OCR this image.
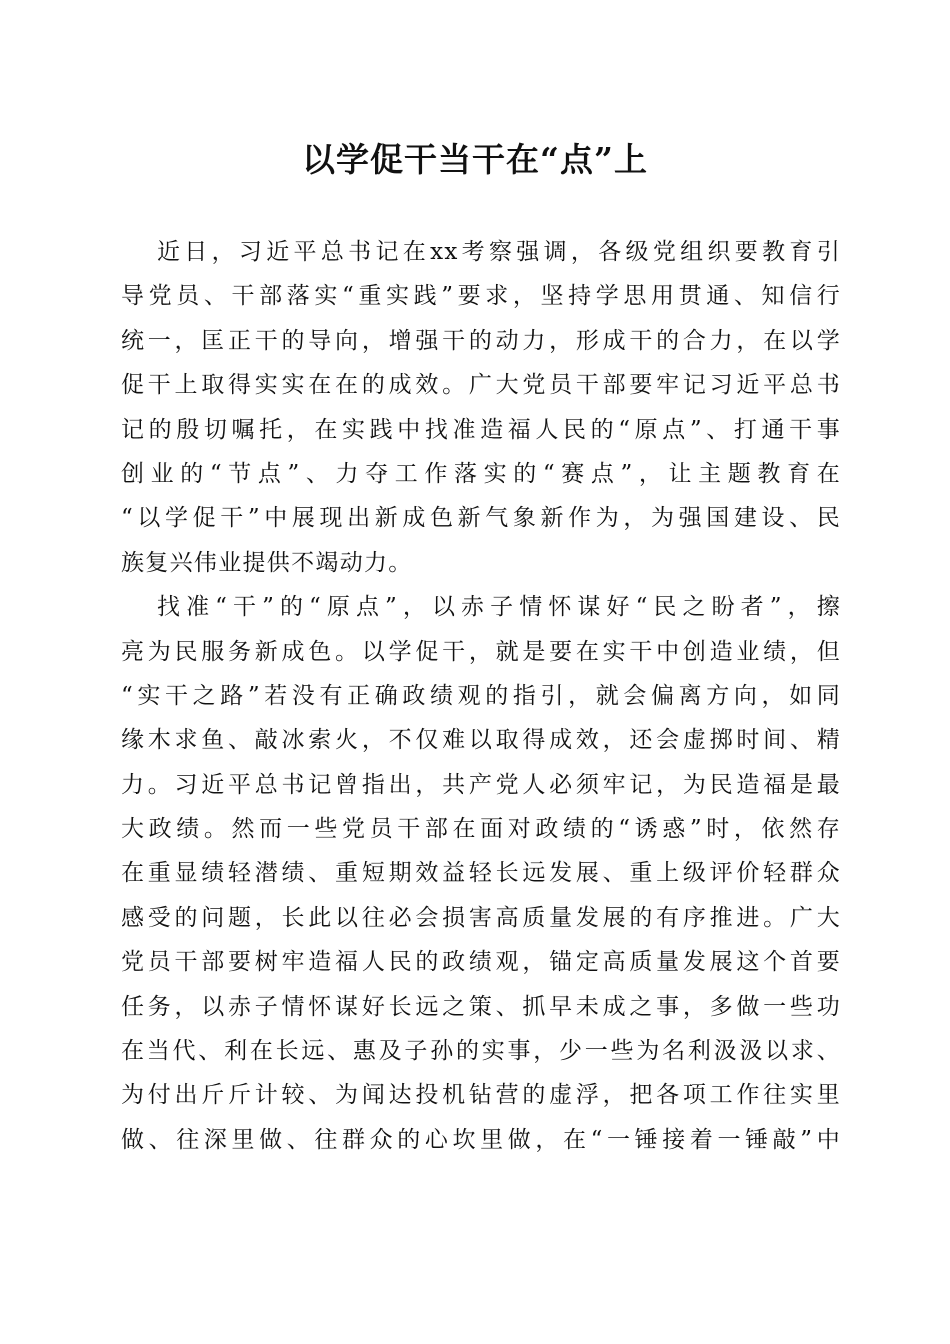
以学促干当干在“点”上
近日，习近平总书记在xx考察强调，各级党组织要教育引
导党员、干部落实“重实践”要求，坚持学思用贯通、知信行
统一，匡正干的导向，增强干的动力，形成干的合力，在以学
促干上取得实实在在的成效。广大党员干部要牢记习近平总书
记的殷切嘱托，在实践中找准造福人民的“原点”、打通干事
创业的“节点”、力夺工作落实的“赛点”，让主题教育在
“以学促干”中展现出新成色新气象新作为，为强国建设、民
族复兴伟业提供不竭动力。
找准“干”的“原点”，以赤子情怀谋好“民之盼者”，擦
亮为民服务新成色。以学促干，就是要在实干中创造业绩，但
“实干之路”若没有正确政绩观的指引，就会偏离方向，如同
缘木求鱼、敲冰索火，不仅难以取得成效，还会虚掷时间、精
力。习近平总书记曾指出，共产党人必须牢记，为民造福是最
大政绩。然而一些党员干部在面对政绩的“诱惑”时，依然存
在重显绩轻潜绩、重短期效益轻长远发展、重上级评价轻群众
感受的问题，长此以往必会损害高质量发展的有序推进。广大
党员干部要树牢造福人民的政绩观，锚定高质量发展这个首要
任务，以赤子情怀谋好长远之策、抓早未成之事，多做一些功
在当代、利在长远、惠及子孙的实事，少一些为名利汲汲以求、
为付出斤斤计较、为闻达投机钻营的虚浮，把各项工作往实里
做、往深里做、往群众的心坎里做，在“一锤接着一锤敲”中
